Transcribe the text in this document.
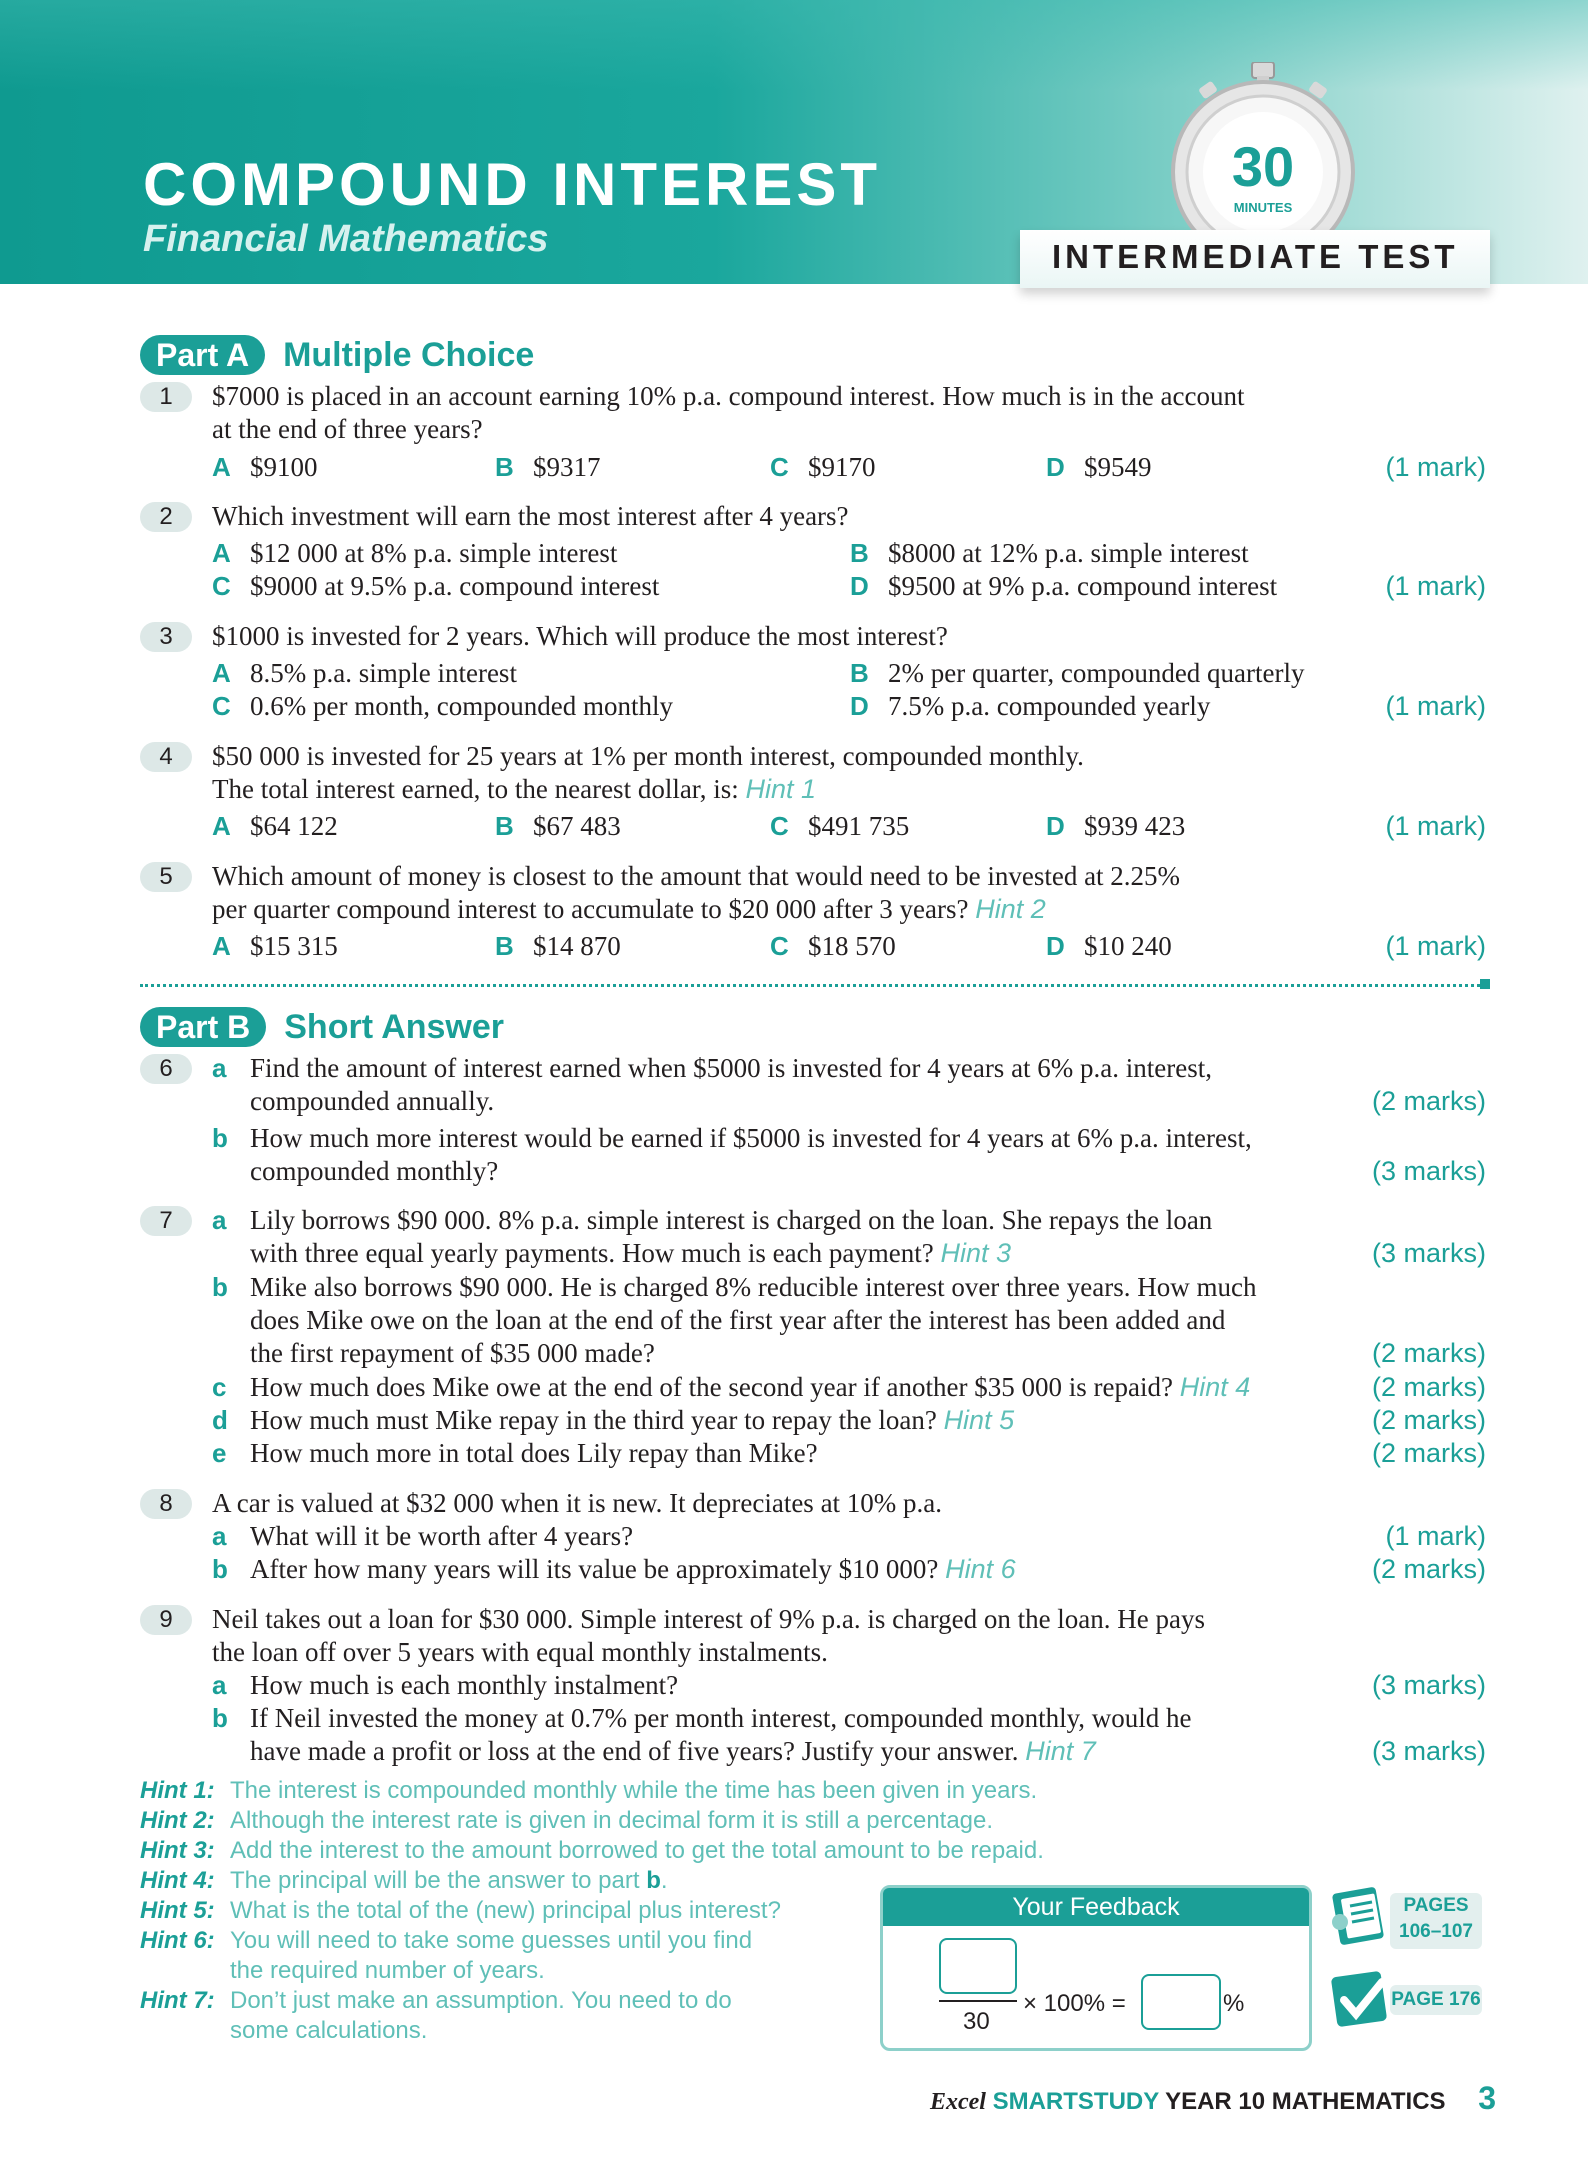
COMPOUND INTEREST
Financial Mathematics
30
MINUTES
INTERMEDIATE TEST
Part A Multiple Choice
1	$7000 is placed in an account earning 10% p.a. compound interest. How much is in the account
at the end of three years?
A $9100	B $9317	C $9170	D $9549	(1 mark)
2	Which investment will earn the most interest after 4 years?
A $12 000 at 8% p.a. simple interest	B $8000 at 12% p.a. simple interest
C $9000 at 9.5% p.a. compound interest	D $9500 at 9% p.a. compound interest	(1 mark)
3	$1000 is invested for 2 years. Which will produce the most interest?
A 8.5% p.a. simple interest	B 2% per quarter, compounded quarterly
C 0.6% per month, compounded monthly	D 7.5% p.a. compounded yearly	(1 mark)
4	$50 000 is invested for 25 years at 1% per month interest, compounded monthly.
The total interest earned, to the nearest dollar, is: Hint 1
A $64 122	B $67 483	C $491 735	D $939 423	(1 mark)
5	Which amount of money is closest to the amount that would need to be invested at 2.25%
per quarter compound interest to accumulate to $20 000 after 3 years? Hint 2
A $15 315	B $14 870	C $18 570	D $10 240	(1 mark)
Part B Short Answer
6	a Find the amount of interest earned when $5000 is invested for 4 years at 6% p.a. interest,
compounded annually.	(2 marks)
b How much more interest would be earned if $5000 is invested for 4 years at 6% p.a. interest,
compounded monthly?	(3 marks)
7	a Lily borrows $90 000. 8% p.a. simple interest is charged on the loan. She repays the loan
with three equal yearly payments. How much is each payment? Hint 3	(3 marks)
b Mike also borrows $90 000. He is charged 8% reducible interest over three years. How much
does Mike owe on the loan at the end of the first year after the interest has been added and
the first repayment of $35 000 made?	(2 marks)
c How much does Mike owe at the end of the second year if another $35 000 is repaid? Hint 4	(2 marks)
d How much must Mike repay in the third year to repay the loan? Hint 5	(2 marks)
e How much more in total does Lily repay than Mike?	(2 marks)
8	A car is valued at $32 000 when it is new. It depreciates at 10% p.a.
a What will it be worth after 4 years?	(1 mark)
b After how many years will its value be approximately $10 000? Hint 6	(2 marks)
9	Neil takes out a loan for $30 000. Simple interest of 9% p.a. is charged on the loan. He pays
the loan off over 5 years with equal monthly instalments.
a How much is each monthly instalment?	(3 marks)
b If Neil invested the money at 0.7% per month interest, compounded monthly, would he
have made a profit or loss at the end of five years? Justify your answer. Hint 7	(3 marks)
Hint 1: The interest is compounded monthly while the time has been given in years.
Hint 2: Although the interest rate is given in decimal form it is still a percentage.
Hint 3: Add the interest to the amount borrowed to get the total amount to be repaid.
Hint 4: The principal will be the answer to part b.
Hint 5: What is the total of the (new) principal plus interest?
Hint 6: You will need to take some guesses until you find
the required number of years.
Hint 7: Don’t just make an assumption. You need to do
some calculations.
Your Feedback
30
× 100% =	%
PAGES
106–107
PAGE 176
Excel SMARTSTUDY YEAR 10 MATHEMATICS 3
